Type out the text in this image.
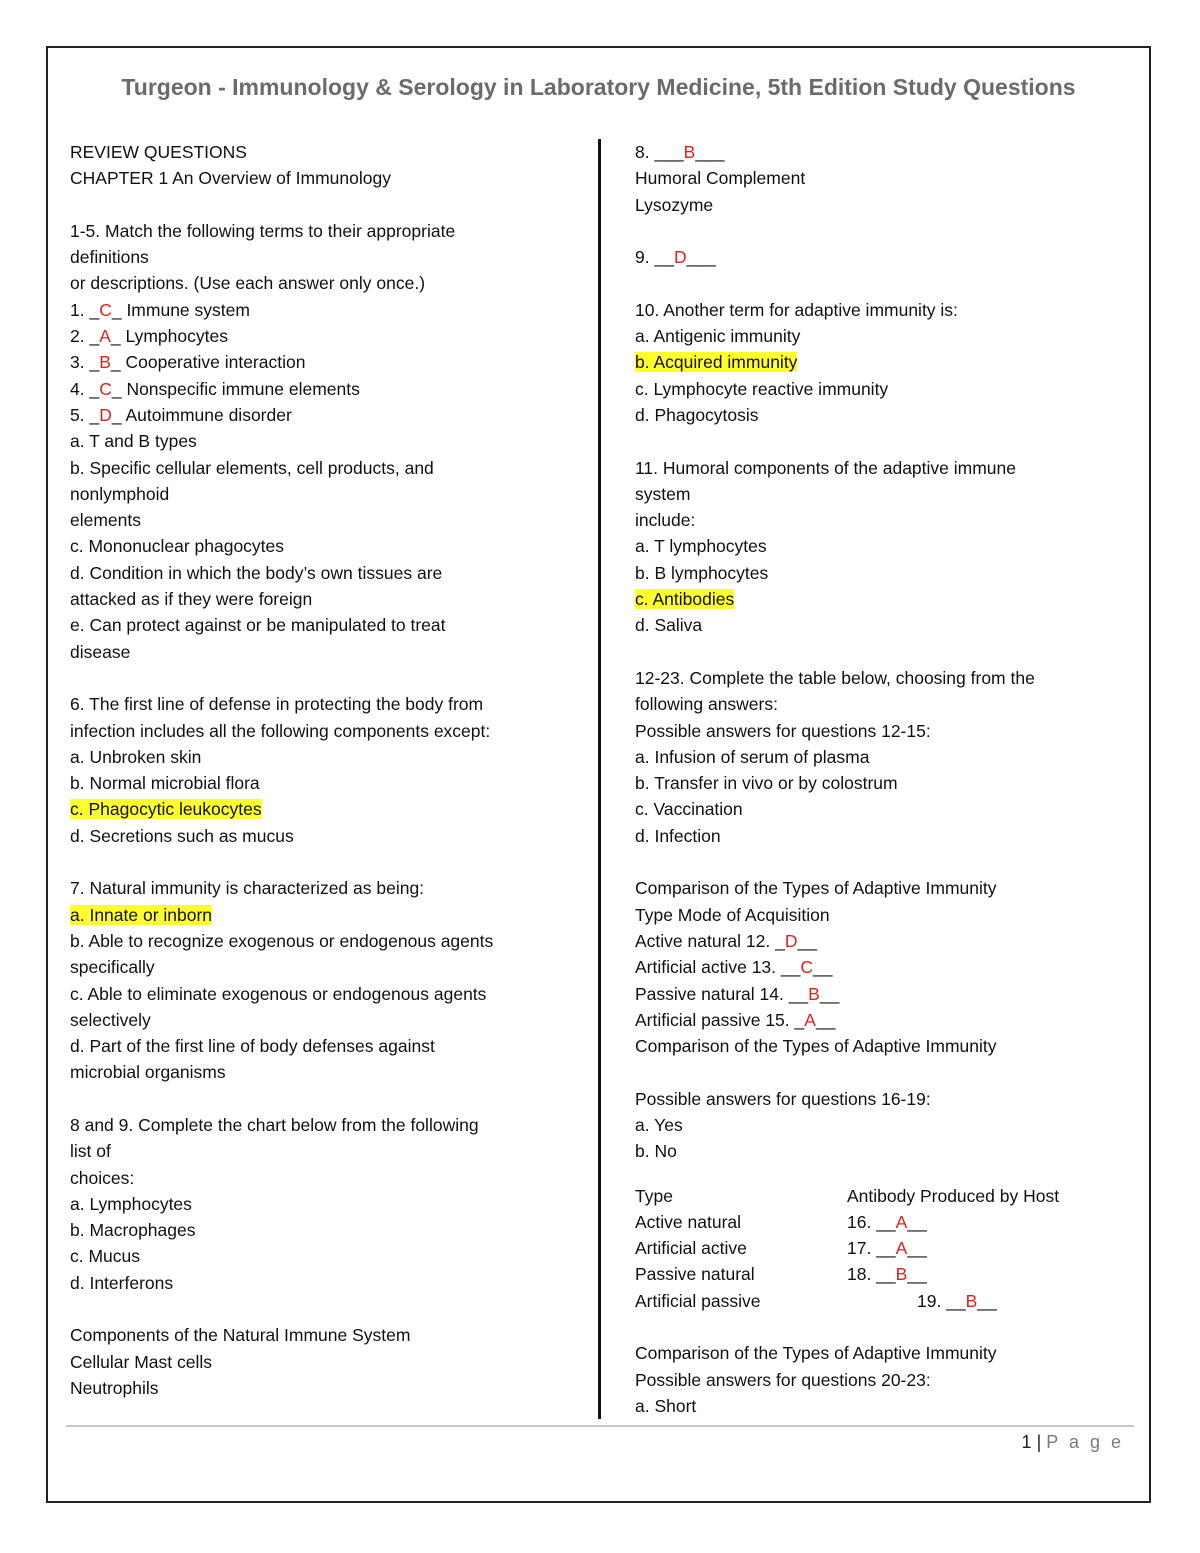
Turgeon - Immunology & Serology in Laboratory Medicine, 5th Edition Study Questions
REVIEW QUESTIONS
CHAPTER 1 An Overview of Immunology
1-5. Match the following terms to their appropriate
definitions
or descriptions. (Use each answer only once.)
1. _C_ Immune system
2. _A_ Lymphocytes
3. _B_ Cooperative interaction
4. _C_ Nonspecific immune elements
5. _D_ Autoimmune disorder
a. T and B types
b. Specific cellular elements, cell products, and
nonlymphoid
elements
c. Mononuclear phagocytes
d. Condition in which the body’s own tissues are
attacked as if they were foreign
e. Can protect against or be manipulated to treat
disease
6. The first line of defense in protecting the body from
infection includes all the following components except:
a. Unbroken skin
b. Normal microbial flora
c. Phagocytic leukocytes
d. Secretions such as mucus
7. Natural immunity is characterized as being:
a. Innate or inborn
b. Able to recognize exogenous or endogenous agents
specifically
c. Able to eliminate exogenous or endogenous agents
selectively
d. Part of the first line of body defenses against
microbial organisms
8 and 9. Complete the chart below from the following
list of
choices:
a. Lymphocytes
b. Macrophages
c. Mucus
d. Interferons
Components of the Natural Immune System
Cellular Mast cells
Neutrophils
8. ___B___
Humoral Complement
Lysozyme
9. __D___
10. Another term for adaptive immunity is:
a. Antigenic immunity
b. Acquired immunity
c. Lymphocyte reactive immunity
d. Phagocytosis
11. Humoral components of the adaptive immune
system
include:
a. T lymphocytes
b. B lymphocytes
c. Antibodies
d. Saliva
12-23. Complete the table below, choosing from the
following answers:
Possible answers for questions 12-15:
a. Infusion of serum of plasma
b. Transfer in vivo or by colostrum
c. Vaccination
d. Infection
Comparison of the Types of Adaptive Immunity
Type Mode of Acquisition
Active natural 12. _D__
Artificial active 13. __C__
Passive natural 14. __B__
Artificial passive 15. _A__
Comparison of the Types of Adaptive Immunity
Possible answers for questions 16-19:
a. Yes
b. No
Type	Antibody Produced by Host
Active natural	16. __ A __
Artificial active	17. __ A __
Passive natural	18. __ B __
Artificial passive	19. __ B __
Comparison of the Types of Adaptive Immunity
Possible answers for questions 20-23:
a. Short
1 | P a g e
